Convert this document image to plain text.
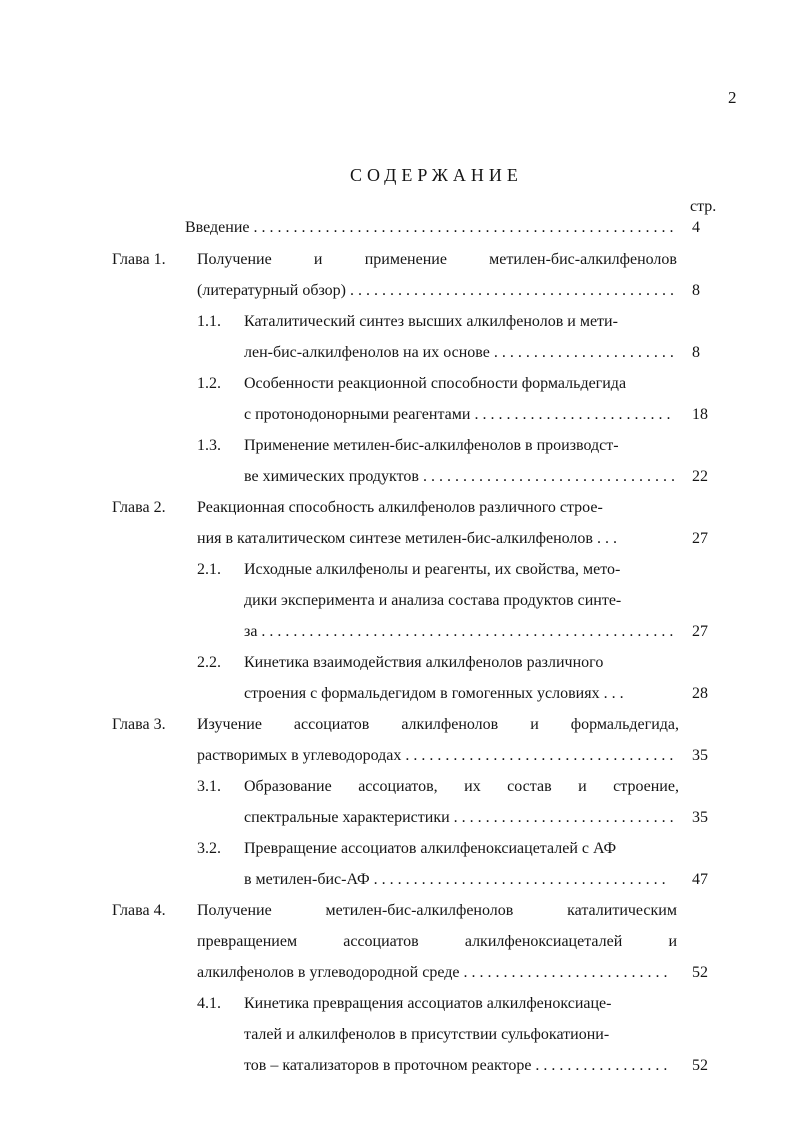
2
СОДЕРЖАНИЕ
стр.
Введение . . .	4
Глава 1. Получение	и	применение	метилен-бис-алкилфенолов
(литературный обзор) . . .	8
1.1. Каталитический синтез высших алкилфенолов и мети-
лен-бис-алкилфенолов на их основе . . .	8
1.2. Особенности реакционной способности формальдегида
с протонодонорными реагентами . . .	18
1.3. Применение метилен-бис-алкилфенолов в производст-
ве химических продуктов . . .	22
Глава 2. Реакционная способность алкилфенолов различного строе-
ния в каталитическом синтезе метилен-бис-алкилфенолов . . .	27
2.1. Исходные алкилфенолы и реагенты, их свойства, мето-
дики эксперимента и анализа состава продуктов синте-
за . . .	27
2.2. Кинетика взаимодействия алкилфенолов различного
строения с формальдегидом в гомогенных условиях . . .	28
Глава 3. Изучение ассоциатов алкилфенолов и формальдегида,
растворимых в углеводородах . . .	35
3.1. Образование ассоциатов, их состав и строение,
спектральные характеристики . . .	35
3.2. Превращение ассоциатов алкилфеноксиацеталей с АФ
в метилен-бис-АФ . . .	47
Глава 4. Получение	метилен-бис-алкилфенолов	каталитическим
превращением	ассоциатов	алкилфеноксиацеталей	и
алкилфенолов в углеводородной среде . . .	52
4.1. Кинетика превращения ассоциатов алкилфеноксиаце-
талей и алкилфенолов в присутствии сульфокатиони-
тов – катализаторов в проточном реакторе . . .	52
